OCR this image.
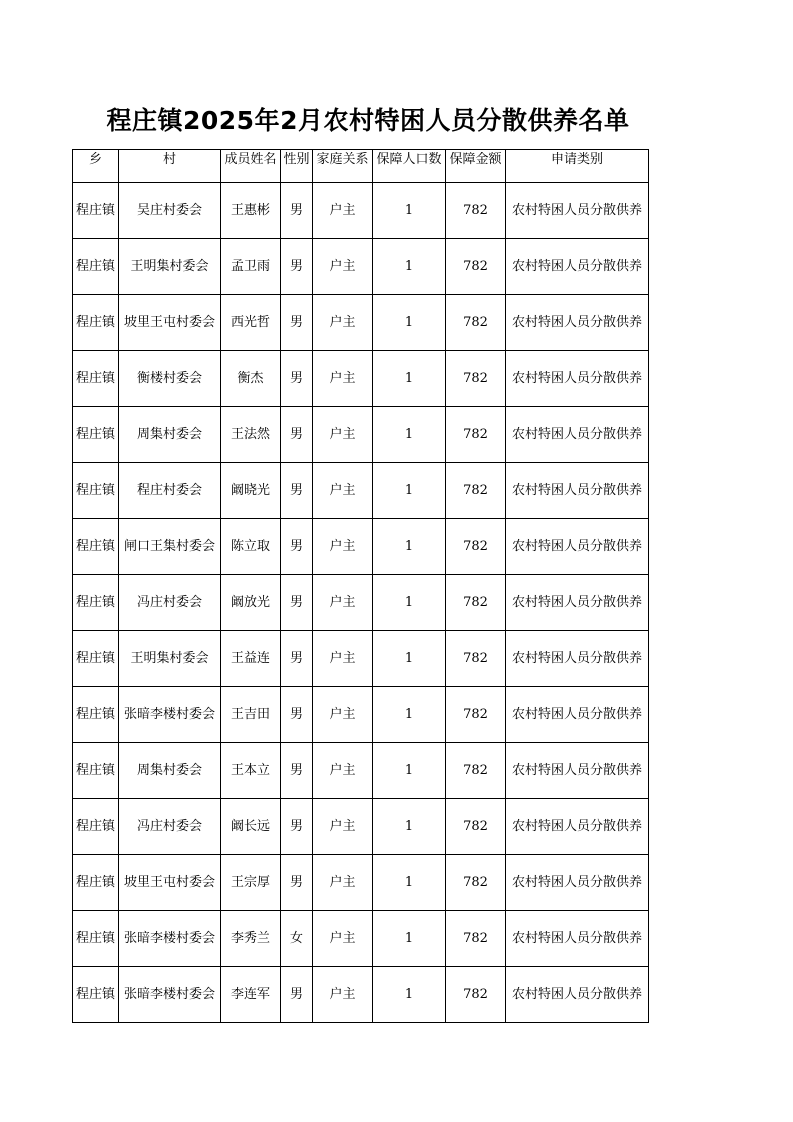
程庄镇2025年2月农村特困人员分散供养名单
乡	村	成员姓名	性别	家庭关系	保障人口数	保障金额	申请类别

程庄镇	吴庄村委会	王惠彬	男	户主	1	782	农村特困人员分散供养

程庄镇	王明集村委会	孟卫雨	男	户主	1	782	农村特困人员分散供养

程庄镇	坡里王屯村委会	西光哲	男	户主	1	782	农村特困人员分散供养

程庄镇	衡楼村委会	衡杰	男	户主	1	782	农村特困人员分散供养

程庄镇	周集村委会	王法然	男	户主	1	782	农村特困人员分散供养

程庄镇	程庄村委会	阚晓光	男	户主	1	782	农村特困人员分散供养

程庄镇	闸口王集村委会	陈立取	男	户主	1	782	农村特困人员分散供养

程庄镇	冯庄村委会	阚放光	男	户主	1	782	农村特困人员分散供养

程庄镇	王明集村委会	王益连	男	户主	1	782	农村特困人员分散供养

程庄镇	张暗李楼村委会	王吉田	男	户主	1	782	农村特困人员分散供养

程庄镇	周集村委会	王本立	男	户主	1	782	农村特困人员分散供养

程庄镇	冯庄村委会	阚长远	男	户主	1	782	农村特困人员分散供养

程庄镇	坡里王屯村委会	王宗厚	男	户主	1	782	农村特困人员分散供养

程庄镇	张暗李楼村委会	李秀兰	女	户主	1	782	农村特困人员分散供养

程庄镇	张暗李楼村委会	李连军	男	户主	1	782	农村特困人员分散供养
